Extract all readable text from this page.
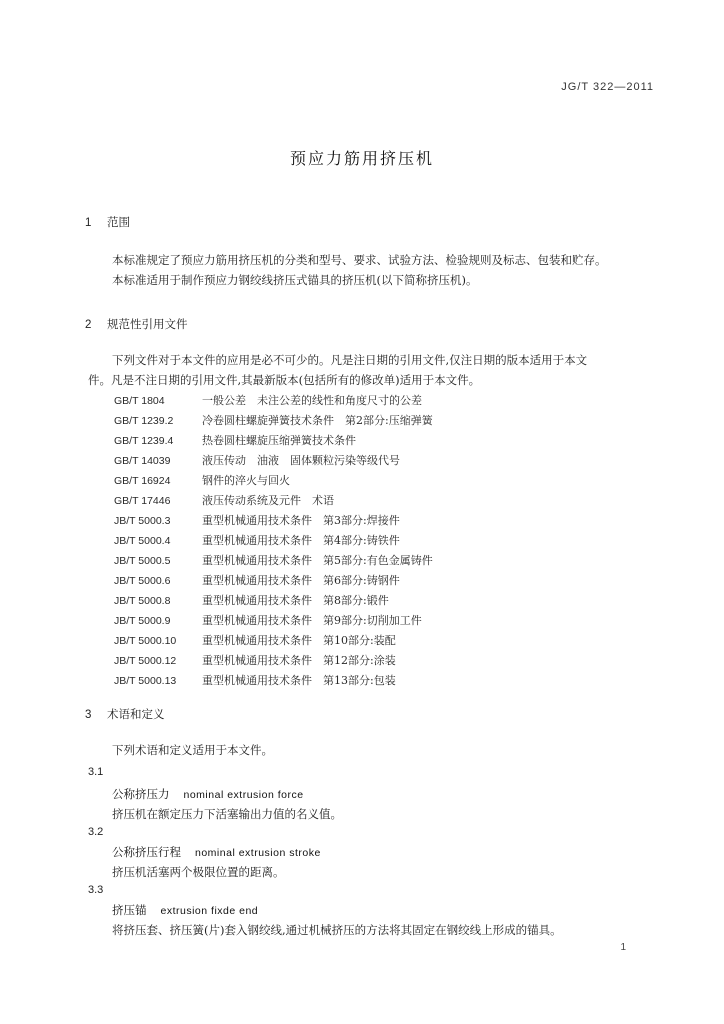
JG/T 322—2011
预应力筋用挤压机
1 范围
本标准规定了预应力筋用挤压机的分类和型号、要求、试验方法、检验规则及标志、包装和贮存。
本标准适用于制作预应力钢绞线挤压式锚具的挤压机(以下简称挤压机)。
2 规范性引用文件
下列文件对于本文件的应用是必不可少的。凡是注日期的引用文件,仅注日期的版本适用于本文
件。凡是不注日期的引用文件,其最新版本(包括所有的修改单)适用于本文件。
GB/T 1804	一般公差　未注公差的线性和角度尺寸的公差
GB/T 1239.2	冷卷圆柱螺旋弹簧技术条件　第2部分:压缩弹簧
GB/T 1239.4	热卷圆柱螺旋压缩弹簧技术条件
GB/T 14039	液压传动　油液　固体颗粒污染等级代号
GB/T 16924	钢件的淬火与回火
GB/T 17446	液压传动系统及元件　术语
JB/T 5000.3	重型机械通用技术条件　第3部分:焊接件
JB/T 5000.4	重型机械通用技术条件　第4部分:铸铁件
JB/T 5000.5	重型机械通用技术条件　第5部分:有色金属铸件
JB/T 5000.6	重型机械通用技术条件　第6部分:铸钢件
JB/T 5000.8	重型机械通用技术条件　第8部分:锻件
JB/T 5000.9	重型机械通用技术条件　第9部分:切削加工件
JB/T 5000.10 重型机械通用技术条件　第10部分:装配
JB/T 5000.12 重型机械通用技术条件　第12部分:涂装
JB/T 5000.13 重型机械通用技术条件　第13部分:包装
3 术语和定义
下列术语和定义适用于本文件。
3.1
公称挤压力 nominal extrusion force
挤压机在额定压力下活塞输出力值的名义值。
3.2
公称挤压行程 nominal extrusion stroke
挤压机活塞两个极限位置的距离。
3.3
挤压锚 extrusion fixde end
将挤压套、挤压簧(片)套入钢绞线,通过机械挤压的方法将其固定在钢绞线上形成的锚具。
1
